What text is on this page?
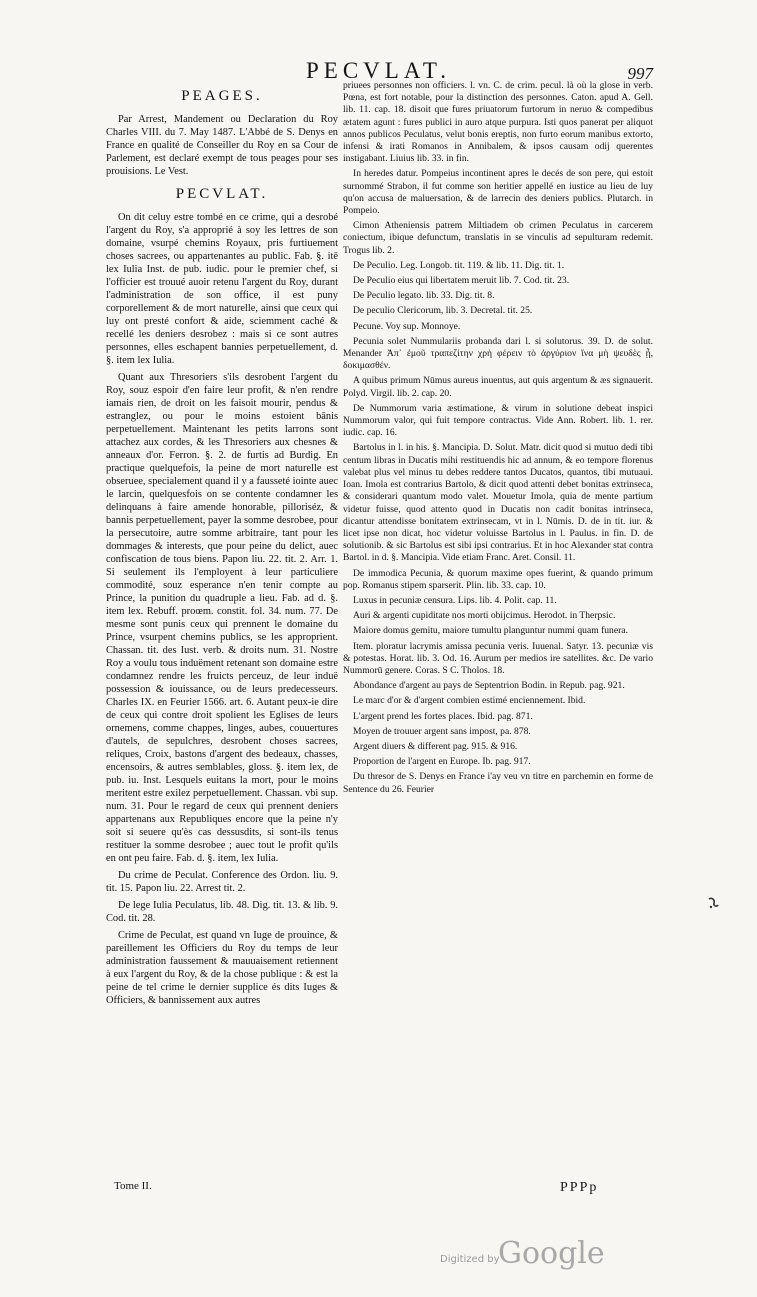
PECVLAT.	997
PEAGES.

Par Arrest, Mandement ou Declaration du Roy Charles VIII. du 7. May 1487. L'Abbé de S. Denys en France en qualité de Conseiller du Roy en sa Cour de Parlement, est declaré exempt de tous peages pour ses prouisions. Le Vest.

PECVLAT.

On dit celuy estre tombé en ce crime, qui a desrobé l'argent du Roy, s'a approprié à soy les lettres de son domaine, vsurpé chemins Royaux, pris furtiuement choses sacrees, ou appartenantes au public. Fab. §. itē lex Iulia Inst. de pub. iudic. pour le premier chef, si l'officier est trouué auoir retenu l'argent du Roy, durant l'administration de son office, il est puny corporellement & de mort naturelle, ainsi que ceux qui luy ont presté confort & aide, sciemment caché & recellé les deniers desrobez : mais si ce sont autres personnes, elles eschapent bannies perpetuellement, d. §. item lex Iulia.

Quant aux Thresoriers s'ils desrobent l'argent du Roy, souz espoir d'en faire leur profit, & n'en rendre iamais rien, de droit on les faisoit mourir, pendus & estranglez, ou pour le moins estoient bānis perpetuellement. Maintenant les petits larrons sont attachez aux cordes, & les Thresoriers aux chesnes & anneaux d'or. Ferron. §. 2. de furtis ad Burdig. En practique quelquefois, la peine de mort naturelle est obseruee, specialement quand il y a fausseté iointe auec le larcin, quelquesfois on se contente condamner les delinquans à faire amende honorable, pilloriséz, & bannis perpetuellement, payer la somme desrobee, pour la persecutoire, autre somme arbitraire, tant pour les dommages & interests, que pour peine du delict, auec confiscation de tous biens. Papon liu. 22. tit. 2. Arr. 1. Si seulement ils l'employent à leur particuliere commodité, souz esperance n'en tenir compte au Prince, la punition du quadruple a lieu. Fab. ad d. §. item lex. Rebuff. proœm. constit. fol. 34. num. 77. De mesme sont punis ceux qui prennent le domaine du Prince, vsurpent chemins publics, se les approprient. Chassan. tit. des Iust. verb. & droits num. 31. Nostre Roy a voulu tous induëment retenant son domaine estre condamnez rendre les fruicts perceuz, de leur induë possession & iouissance, ou de leurs predecesseurs. Charles IX. en Feurier 1566. art. 6. Autant peux-ie dire de ceux qui contre droit spolient les Eglises de leurs ornemens, comme chappes, linges, aubes, couuertures d'autels, de sepulchres, desrobent choses sacrees, reliques, Croix, bastons d'argent des bedeaux, chasses, encensoirs, & autres semblables, gloss. §. item lex, de pub. iu. Inst. Lesquels euitans la mort, pour le moins meritent estre exilez perpetuellement. Chassan. vbi sup. num. 31. Pour le regard de ceux qui prennent deniers appartenans aux Republiques encore que la peine n'y soit si seuere qu'ès cas dessusdits, si sont-ils tenus restituer la somme desrobee ; auec tout le profit qu'ils en ont peu faire. Fab. d. §. item, lex Iulia.

Du crime de Peculat. Conference des Ordon. liu. 9. tit. 15. Papon liu. 22. Arrest tit. 2.

De lege Iulia Peculatus, lib. 48. Dig. tit. 13. & lib. 9. Cod. tit. 28.

Crime de Peculat, est quand vn Iuge de prouince, & pareillement les Officiers du Roy du temps de leur administration faussement & mauuaisement retiennent à eux l'argent du Roy, & de la chose publique : & est la peine de tel crime le dernier supplice és dits Iuges & Officiers, & bannissement aux autres

priuees personnes non officiers. l. vn. C. de crim. pecul. là où la glose in verb. Pœna, est fort notable, pour la distinction des personnes. Caton. apud A. Gell. lib. 11. cap. 18. disoit que fures priuatorum furtorum in neruo & compedibus ætatem agunt : fures publici in auro atque purpura. Isti quos panerat per aliquot annos publicos Peculatus, velut bonis ereptis, non furto eorum manibus extorto, infensi & irati Romanos in Annibalem, & ipsos causam odij querentes instigabant. Liuius lib. 33. in fin.

In heredes datur. Pompeius incontinent apres le decés de son pere, qui estoit surnommé Strabon, il fut comme son heritier appellé en iustice au lieu de luy qu'on accusa de maluersation, & de larrecin des deniers publics. Plutarch. in Pompeio.

Cimon Atheniensis patrem Miltiadem ob crimen Peculatus in carcerem coniectum, ibique defunctum, translatis in se vinculis ad sepulturam redemit. Trogus lib. 2.

De Peculio. Leg. Longob. tit. 119. & lib. 11. Dig. tit. 1.

De Peculio eius qui libertatem meruit lib. 7. Cod. tit. 23.

De Peculio legato. lib. 33. Dig. tit. 8.

De peculio Clericorum, lib. 3. Decretal. tit. 25.

Pecune. Voy sup. Monnoye.

Pecunia solet Nummulariis probanda dari l. si solutorus. 39. D. de solut. Menander Ἀπ᾽ ἐμοῦ τραπεζίτην χρὴ φέρειν τὸ ἀργύριον ἵνα μὴ ψευδὲς ᾖ, δοκιμασθέν.

A quibus primum Nūmus aureus inuentus, aut quis argentum & æs signauerit. Polyd. Virgil. lib. 2. cap. 20.

De Nummorum varia æstimatione, & virum in solutione debeat inspici Nummorum valor, qui fuit tempore contractus. Vide Ann. Robert. lib. 1. rer. iudic. cap. 16.

Bartolus in l. in his. §. Mancipia. D. Solut. Matr. dicit quod si mutuo dedi tibi centum libras in Ducatis mihi restituendis hic ad annum, & eo tempore florenus valebat plus vel minus tu debes reddere tantos Ducatos, quantos, tibi mutuaui. Ioan. Imola est contrarius Bartolo, & dicit quod attenti debet bonitas extrinseca, & considerari quantum modo valet. Mouetur Imola, quia de mente partium videtur fuisse, quod attento quod in Ducatis non cadit bonitas intrinseca, dicantur attendisse bonitatem extrinsecam, vt in l. Nūmis. D. de in tit. iur. & licet ipse non dicat, hoc videtur voluisse Bartolus in l. Paulus. in fin. D. de solutionib. & sic Bartolus est sibi ipsi contrarius. Et in hoc Alexander stat contra Bartol. in d. §. Mancipia. Vide etiam Franc. Aret. Consil. 11.

De immodica Pecunia, & quorum maxime opes fuerint, & quando primum pop. Romanus stipem sparserit. Plin. lib. 33. cap. 10.

Luxus in pecuniæ censura. Lips. lib. 4. Polit. cap. 11.

Auri & argenti cupiditate nos morti obijcimus. Herodot. in Therpsic.

Maiore domus gemitu, maiore tumultu planguntur nummi quam funera.

Item. ploratur lacrymis amissa pecunia veris. Iuuenal. Satyr. 13. pecuniæ vis & potestas. Horat. lib. 3. Od. 16. Aurum per medios ire satellites. &c. De vario Nummorū genere. Coras. S C. Tholos. 18.

Abondance d'argent au pays de Septentrion Bodin. in Repub. pag. 921.

Le marc d'or & d'argent combien estimé enciennement. Ibid.

L'argent prend les fortes places. Ibid. pag. 871.

Moyen de trouuer argent sans impost, pa. 878.

Argent diuers & different pag. 915. & 916.

Proportion de l'argent en Europe. Ib. pag. 917.

Du thresor de S. Denys en France i'ay veu vn titre en parchemin en forme de Sentence du 26. Feurier

Tome II.	PPPp
Digitized by
Google
